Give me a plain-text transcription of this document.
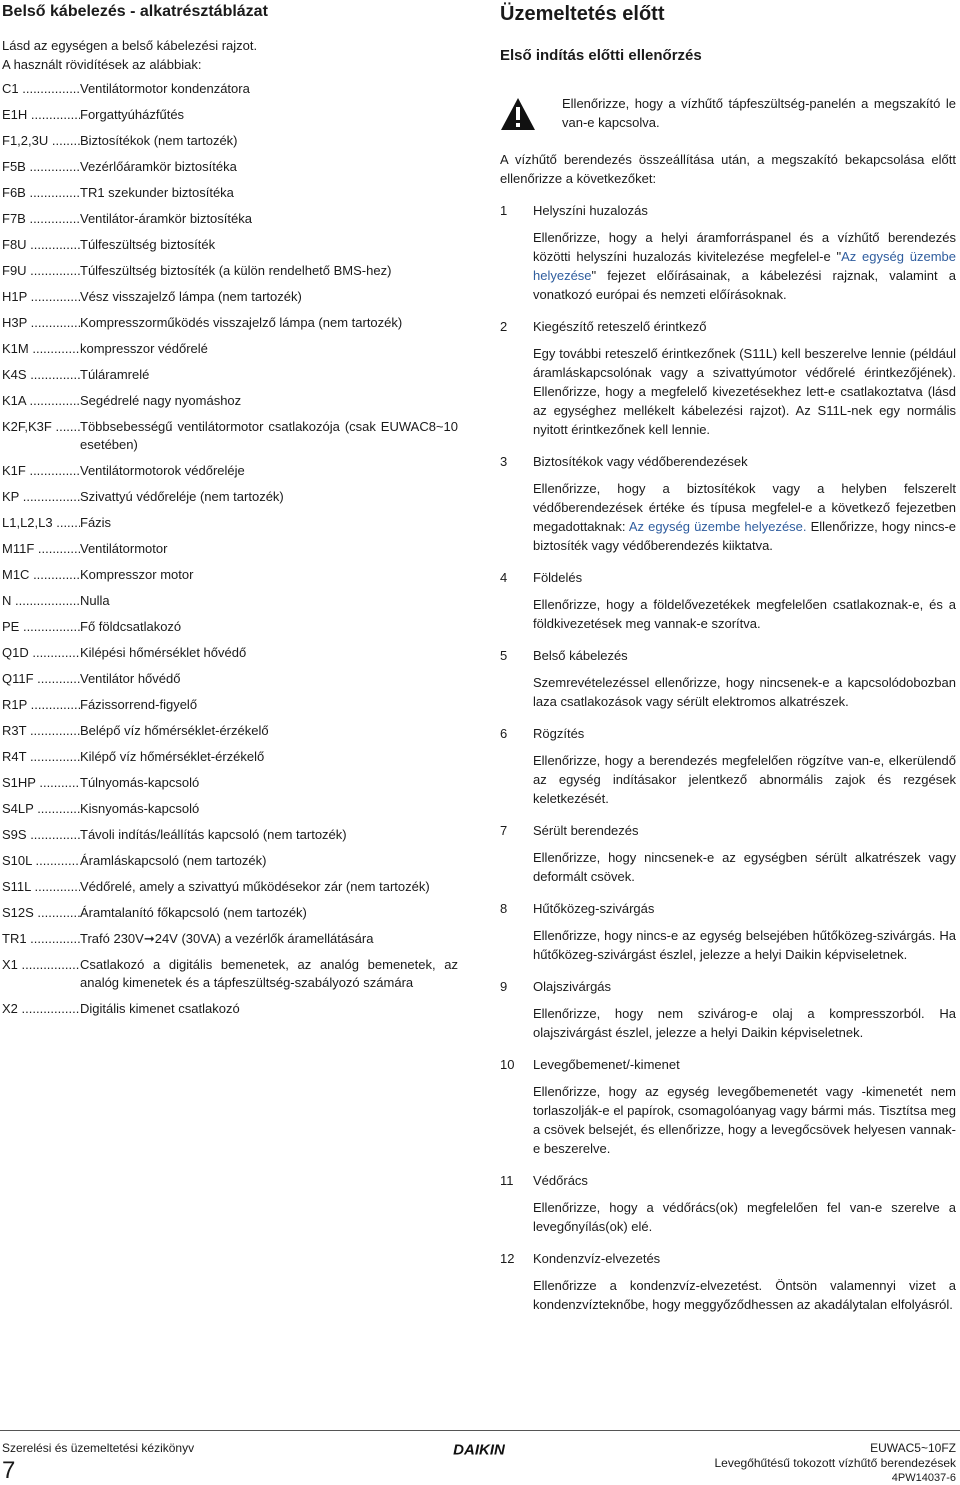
Belső kábelezés - alkatrésztáblázat
Lásd az egységen a belső kábelezési rajzot.
A használt rövidítések az alábbiak:
C1 .....	Ventilátormotor kondenzátora
E1H .....	Forgattyúházfűtés
F1,2,3U .....	Biztosítékok (nem tartozék)
F5B .....	Vezérlőáramkör biztosítéka
F6B .....	TR1 szekunder biztosítéka
F7B .....	Ventilátor-áramkör biztosítéka
F8U .....	Túlfeszültség biztosíték
F9U .....	Túlfeszültség biztosíték (a külön rendelhető BMS-hez)
H1P .....	Vész visszajelző lámpa (nem tartozék)
H3P .....	Kompresszorműködés visszajelző lámpa (nem tartozék)
K1M .....	kompresszor védőrelé
K4S .....	Túláramrelé
K1A .....	Segédrelé nagy nyomáshoz
K2F,K3F .....	Többsebességű ventilátormotor csatlakozója (csak EUWAC8~10 esetében)
K1F .....	Ventilátormotorok védőreléje
KP .....	Szivattyú védőreléje (nem tartozék)
L1,L2,L3 .....	Fázis
M11F .....	Ventilátormotor
M1C .....	Kompresszor motor
N .....	Nulla
PE .....	Fő földcsatlakozó
Q1D .....	Kilépési hőmérséklet hővédő
Q11F .....	Ventilátor hővédő
R1P .....	Fázissorrend-figyelő
R3T .....	Belépő víz hőmérséklet-érzékelő
R4T .....	Kilépő víz hőmérséklet-érzékelő
S1HP .....	Túlnyomás-kapcsoló
S4LP .....	Kisnyomás-kapcsoló
S9S .....	Távoli indítás/leállítás kapcsoló (nem tartozék)
S10L .....	Áramláskapcsoló (nem tartozék)
S11L .....	Védőrelé, amely a szivattyú működésekor zár (nem tartozék)
S12S .....	Áramtalanító főkapcsoló (nem tartozék)
TR1 .....	Trafó 230V➞24V (30VA) a vezérlők áramellátására
X1 .....	Csatlakozó a digitális bemenetek, az analóg bemenetek, az analóg kimenetek és a tápfeszültség-szabályozó számára
X2 .....	Digitális kimenet csatlakozó
Üzemeltetés előtt
Első indítás előtti ellenőrzés
Ellenőrizze, hogy a vízhűtő tápfeszültség-panelén a megszakító le van-e kapcsolva.
A vízhűtő berendezés összeállítása után, a megszakító bekapcsolása előtt ellenőrizze a következőket:
1	Helyszíni huzalozás
Ellenőrizze, hogy a helyi áramforráspanel és a vízhűtő berendezés közötti helyszíni huzalozás kivitelezése megfelel-e "Az egység üzembe helyezése" fejezet előírásainak, a kábelezési rajznak, valamint a vonatkozó európai és nemzeti előírásoknak.
2	Kiegészítő reteszelő érintkező
Egy további reteszelő érintkezőnek (S11L) kell beszerelve lennie (például áramláskapcsolónak vagy a szivattyúmotor védőrelé érintkezőjének). Ellenőrizze, hogy a megfelelő kivezetésekhez lett-e csatlakoztatva (lásd az egységhez mellékelt kábelezési rajzot). Az S11L-nek egy normális nyitott érintkezőnek kell lennie.
3	Biztosítékok vagy védőberendezések
Ellenőrizze, hogy a biztosítékok vagy a helyben felszerelt védőberendezések értéke és típusa megfelel-e a következő fejezetben megadottaknak: Az egység üzembe helyezése. Ellenőrizze, hogy nincs-e biztosíték vagy védőberendezés kiiktatva.
4	Földelés
Ellenőrizze, hogy a földelővezetékek megfelelően csatlakoznak-e, és a földkivezetések meg vannak-e szorítva.
5	Belső kábelezés
Szemrevételezéssel ellenőrizze, hogy nincsenek-e a kapcsolódobozban laza csatlakozások vagy sérült elektromos alkatrészek.
6	Rögzítés
Ellenőrizze, hogy a berendezés megfelelően rögzítve van-e, elkerülendő az egység indításakor jelentkező abnormális zajok és rezgések keletkezését.
7	Sérült berendezés
Ellenőrizze, hogy nincsenek-e az egységben sérült alkatrészek vagy deformált csövek.
8	Hűtőközeg-szivárgás
Ellenőrizze, hogy nincs-e az egység belsejében hűtőközeg-szivárgás. Ha hűtőközeg-szivárgást észlel, jelezze a helyi Daikin képviseletnek.
9	Olajszivárgás
Ellenőrizze, hogy nem szivárog-e olaj a kompresszorból. Ha olajszivárgást észlel, jelezze a helyi Daikin képviseletnek.
10	Levegőbemenet/-kimenet
Ellenőrizze, hogy az egység levegőbemenetét vagy -kimenetét nem torlaszolják-e el papírok, csomagolóanyag vagy bármi más. Tisztítsa meg a csövek belsejét, és ellenőrizze, hogy a levegőcsövek helyesen vannak-e beszerelve.
11	Védőrács
Ellenőrizze, hogy a védőrács(ok) megfelelően fel van-e szerelve a levegőnyílás(ok) elé.
12	Kondenzvíz-elvezetés
Ellenőrizze a kondenzvíz-elvezetést. Öntsön valamennyi vizet a kondenzvízteknőbe, hogy meggyőződhessen az akadálytalan elfolyásról.
Szerelési és üzemeltetési kézikönyv
7
DAIKIN	EUWAC5~10FZ
Levegőhűtésű tokozott vízhűtő berendezések
4PW14037-6
